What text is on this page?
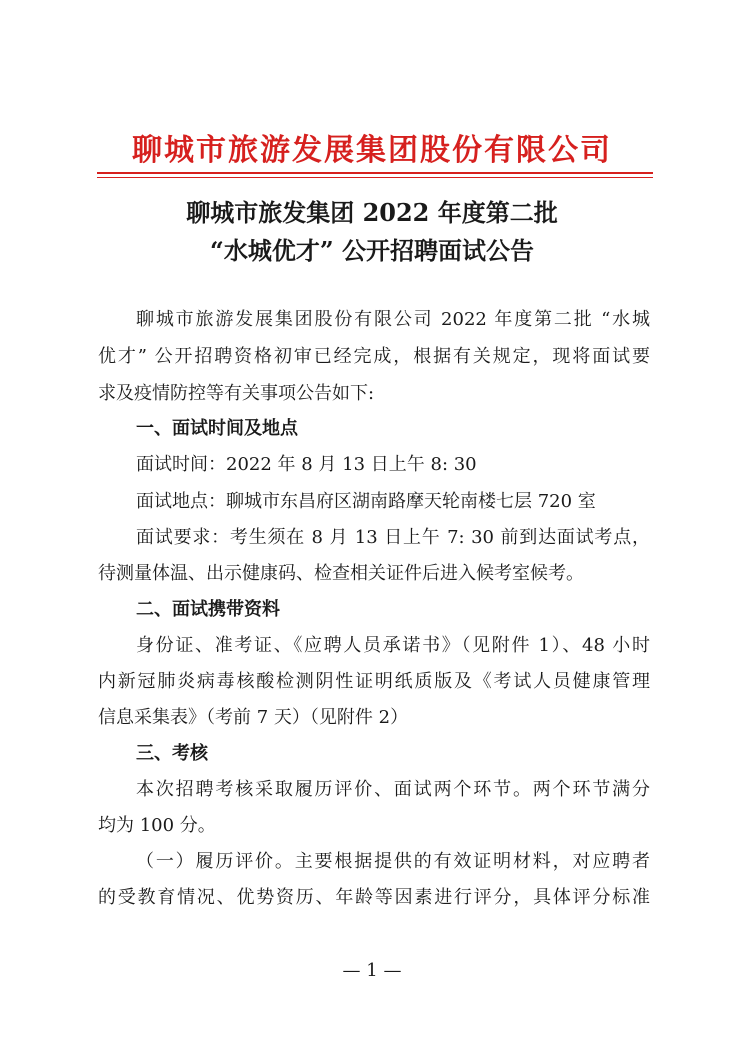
聊城市旅游发展集团股份有限公司
聊城市旅发集团 2022 年度第二批
“水城优才” 公开招聘面试公告
聊城市旅游发展集团股份有限公司 2022 年度第二批 “水城
优才” 公开招聘资格初审已经完成，根据有关规定，现将面试要
求及疫情防控等有关事项公告如下:
一、面试时间及地点
面试时间：2022 年 8 月 13 日上午 8: 30
面试地点：聊城市东昌府区湖南路摩天轮南楼七层 720 室
面试要求：考生须在 8 月 13 日上午 7: 30 前到达面试考点，
待测量体温、出示健康码、检查相关证件后进入候考室候考。
二、面试携带资料
身份证、准考证、《应聘人员承诺书》（见附件 1）、48 小时
内新冠肺炎病毒核酸检测阴性证明纸质版及《考试人员健康管理
信息采集表》（考前 7 天）（见附件 2）
三、考核
本次招聘考核采取履历评价、面试两个环节。两个环节满分
均为 100 分。
（一）履历评价。主要根据提供的有效证明材料，对应聘者
的受教育情况、优势资历、年龄等因素进行评分，具体评分标准
— 1 —
